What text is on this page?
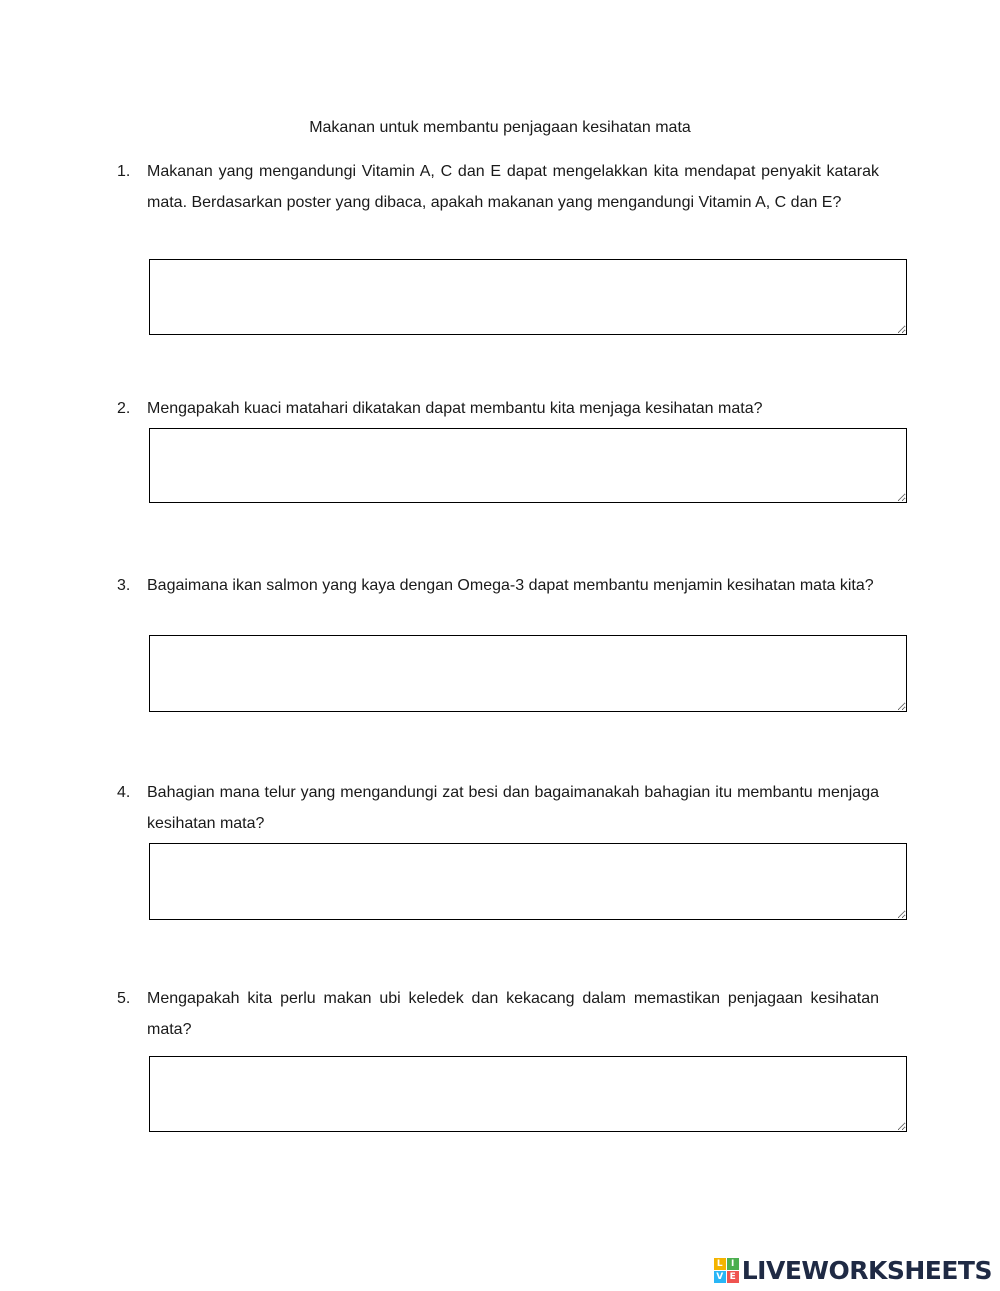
Makanan untuk membantu penjagaan kesihatan mata
1.	Makanan yang mengandungi Vitamin A, C dan E dapat mengelakkan kita mendapat penyakit katarak mata. Berdasarkan poster yang dibaca, apakah makanan yang mengandungi Vitamin A, C dan E?
2.	Mengapakah kuaci matahari dikatakan dapat membantu kita menjaga kesihatan mata?
3.	Bagaimana ikan salmon yang kaya dengan Omega-3 dapat membantu menjamin kesihatan mata kita?
4.	Bahagian mana telur yang mengandungi zat besi dan bagaimanakah bahagian itu membantu menjaga kesihatan mata?
5.	Mengapakah kita perlu makan ubi keledek dan kekacang dalam memastikan penjagaan kesihatan mata?
L I
V E LIVEWORKSHEETS
